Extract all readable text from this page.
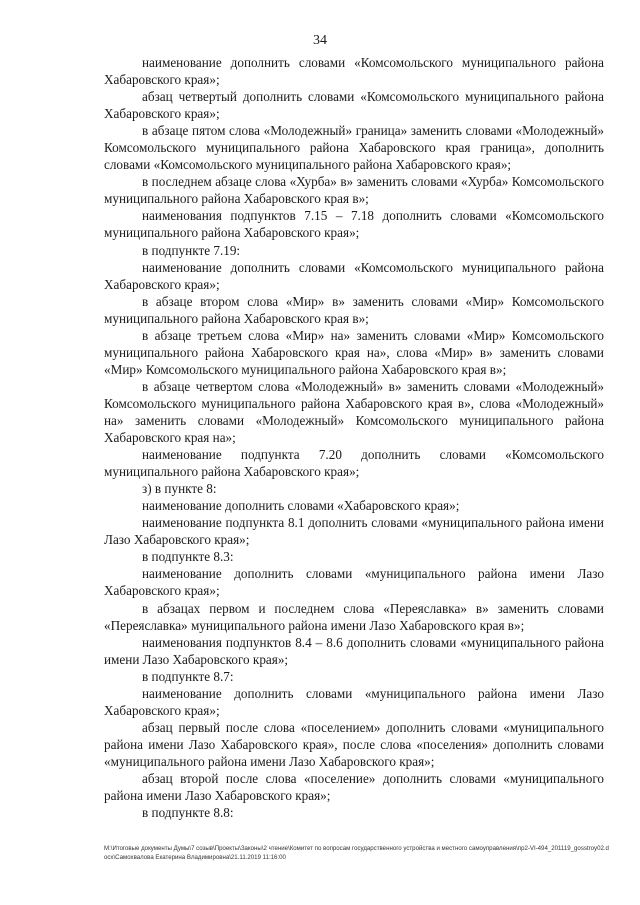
34

наименование дополнить словами «Комсомольского муниципального района Хабаровского края»;

абзац четвертый дополнить словами «Комсомольского муниципального района Хабаровского края»;

в абзаце пятом слова «Молодежный» граница» заменить словами «Молодежный» Комсомольского муниципального района Хабаровского края граница», дополнить словами «Комсомольского муниципального района Хабаровского края»;

в последнем абзаце слова «Хурба» в» заменить словами «Хурба» Комсомольского муниципального района Хабаровского края в»;

наименования подпунктов 7.15 – 7.18 дополнить словами «Комсомольского муниципального района Хабаровского края»;

в подпункте 7.19:

наименование дополнить словами «Комсомольского муниципального района Хабаровского края»;

в абзаце втором слова «Мир» в» заменить словами «Мир» Комсомольского муниципального района Хабаровского края в»;

в абзаце третьем слова «Мир» на» заменить словами «Мир» Комсомольского муниципального района Хабаровского края на», слова «Мир» в» заменить словами «Мир» Комсомольского муниципального района Хабаровского края в»;

в абзаце четвертом слова «Молодежный» в» заменить словами «Молодежный» Комсомольского муниципального района Хабаровского края в», слова «Молодежный» на» заменить словами «Молодежный» Комсомольского муниципального района Хабаровского края на»;

наименование подпункта 7.20 дополнить словами «Комсомольского муниципального района Хабаровского края»;

з) в пункте 8:

наименование дополнить словами «Хабаровского края»;

наименование подпункта 8.1 дополнить словами «муниципального района имени Лазо Хабаровского края»;

в подпункте 8.3:

наименование дополнить словами «муниципального района имени Лазо Хабаровского края»;

в абзацах первом и последнем слова «Переяславка» в» заменить словами «Переяславка» муниципального района имени Лазо Хабаровского края в»;

наименования подпунктов 8.4 – 8.6 дополнить словами «муниципального района имени Лазо Хабаровского края»;

в подпункте 8.7:

наименование дополнить словами «муниципального района имени Лазо Хабаровского края»;

абзац первый после слова «поселением» дополнить словами «муниципального района имени Лазо Хабаровского края», после слова «поселения» дополнить словами «муниципального района имени Лазо Хабаровского края»;

абзац второй после слова «поселение» дополнить словами «муниципального района имени Лазо Хабаровского края»;

в подпункте 8.8:

M:\Итоговые документы Думы\7 созыв\Проекты\Законы\2 чтение\Комитет по вопросам государственного устройства и местного самоуправления\пр2-VI-494_201119_gosstroy02.docx\Самохвалова Екатерина Владимировна\21.11.2019 11:16:00
